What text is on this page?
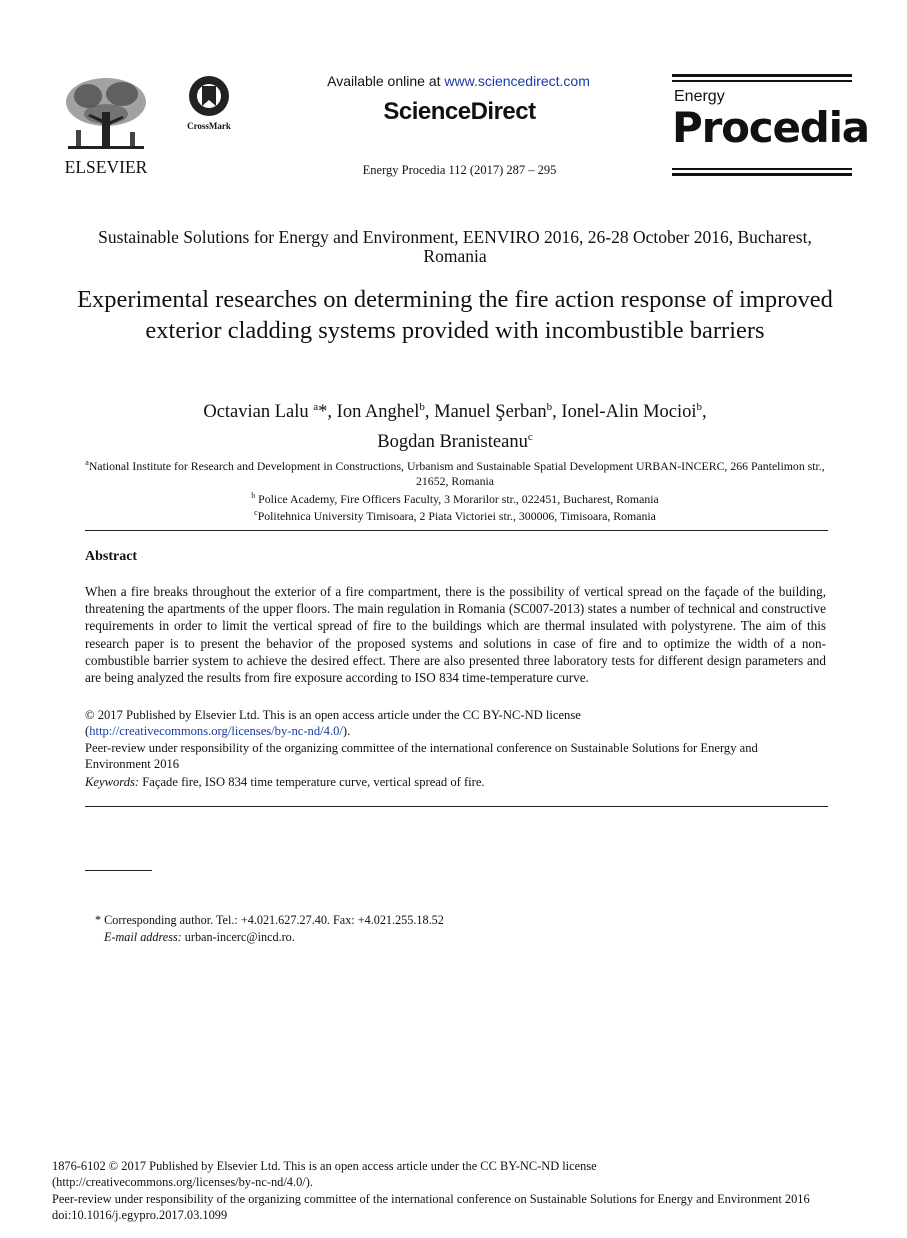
ELSEVIER
CrossMark
Available online at www.sciencedirect.com
ScienceDirect
Energy Procedia 112 (2017) 287 – 295
Energy
Procedia
Sustainable Solutions for Energy and Environment, EENVIRO 2016, 26-28 October 2016, Bucharest, Romania
Experimental researches on determining the fire action response of improved exterior cladding systems provided with incombustible barriers
Octavian Lalu $^a$*, Ion Anghel$^b$, Manuel Şerban$^b$, Ionel-Alin Mocioi$^b$,
Bogdan Branisteanu$^c$
$^a$National Institute for Research and Development in Constructions, Urbanism and Sustainable Spatial Development URBAN-INCERC, 266 Pantelimon str., 21652, Romania
$^b$ Police Academy, Fire Officers Faculty, 3 Morarilor str., 022451, Bucharest, Romania
$^c$Politehnica University Timisoara, 2 Piata Victoriei str., 300006, Timisoara, Romania
Abstract
When a fire breaks throughout the exterior of a fire compartment, there is the possibility of vertical spread on the façade of the building, threatening the apartments of the upper floors. The main regulation in Romania (SC007-2013) states a number of technical and constructive requirements in order to limit the vertical spread of fire to the buildings which are thermal insulated with polystyrene. The aim of this research paper is to present the behavior of the proposed systems and solutions in case of fire and to optimize the width of a non-combustible barrier system to achieve the desired effect. There are also presented three laboratory tests for different design parameters and are being analyzed the results from fire exposure according to ISO 834 time-temperature curve.
© 2017 Published by Elsevier Ltd. This is an open access article under the CC BY-NC-ND license
(http://creativecommons.org/licenses/by-nc-nd/4.0/).
Peer-review under responsibility of the organizing committee of the international conference on Sustainable Solutions for Energy and Environment 2016
Keywords: Façade fire, ISO 834 time temperature curve, vertical spread of fire.
* Corresponding author. Tel.: +4.021.627.27.40. Fax: +4.021.255.18.52
E-mail address: urban-incerc@incd.ro.
1876-6102 © 2017 Published by Elsevier Ltd. This is an open access article under the CC BY-NC-ND license
(http://creativecommons.org/licenses/by-nc-nd/4.0/).
Peer-review under responsibility of the organizing committee of the international conference on Sustainable Solutions for Energy and Environment 2016
doi:10.1016/j.egypro.2017.03.1099
